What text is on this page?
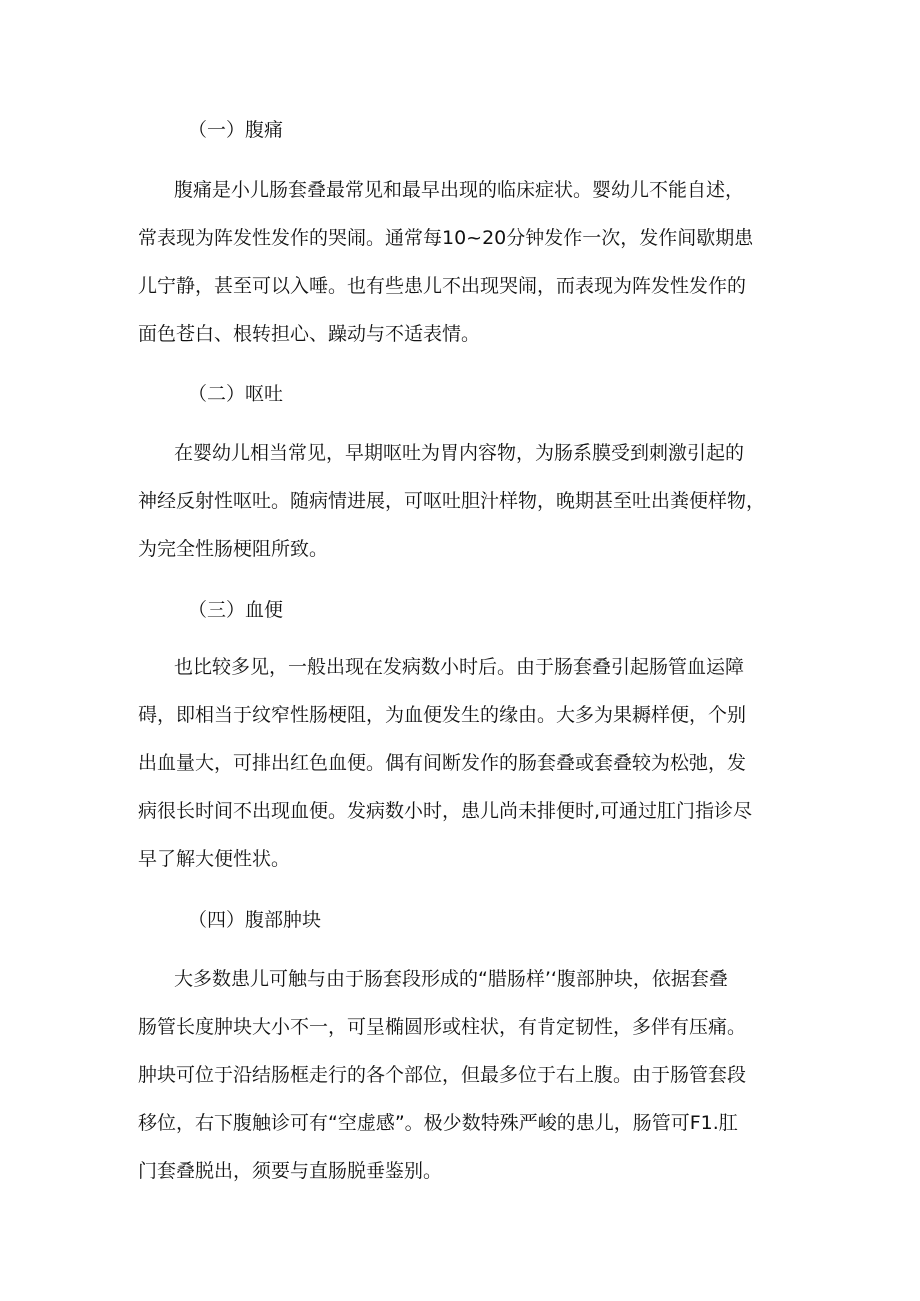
（一）腹痛
腹痛是小儿肠套叠最常见和最早出现的临床症状。婴幼儿不能自述，
常表现为阵发性发作的哭闹。通常每10~20分钟发作一次，发作间歇期患
儿宁静，甚至可以入唾。也有些患儿不出现哭闹，而表现为阵发性发作的
面色苍白、根转担心、躁动与不适表情。
（二）呕吐
在婴幼儿相当常见，早期呕吐为胃内容物，为肠系膜受到刺激引起的
神经反射性呕吐。随病情进展，可呕吐胆汁样物，晚期甚至吐出粪便样物，
为完全性肠梗阻所致。
（三）血便
也比较多见，一般出现在发病数小时后。由于肠套叠引起肠管血运障
碍，即相当于纹窄性肠梗阻，为血便发生的缘由。大多为果耨样便，个别
出血量大，可排出红色血便。偶有间断发作的肠套叠或套叠较为松弛，发
病很长时间不出现血便。发病数小时，患儿尚未排便时,可通过肛门指诊尽
早了解大便性状。
（四）腹部肿块
大多数患儿可触与由于肠套段形成的“腊肠样’‘腹部肿块，依据套叠
肠管长度肿块大小不一，可呈椭圆形或柱状，有肯定韧性，多伴有压痛。
肿块可位于沿结肠框走行的各个部位，但最多位于右上腹。由于肠管套段
移位，右下腹触诊可有“空虚感”。极少数特殊严峻的患儿，肠管可F1.肛
门套叠脱出，须要与直肠脱垂鉴别。
